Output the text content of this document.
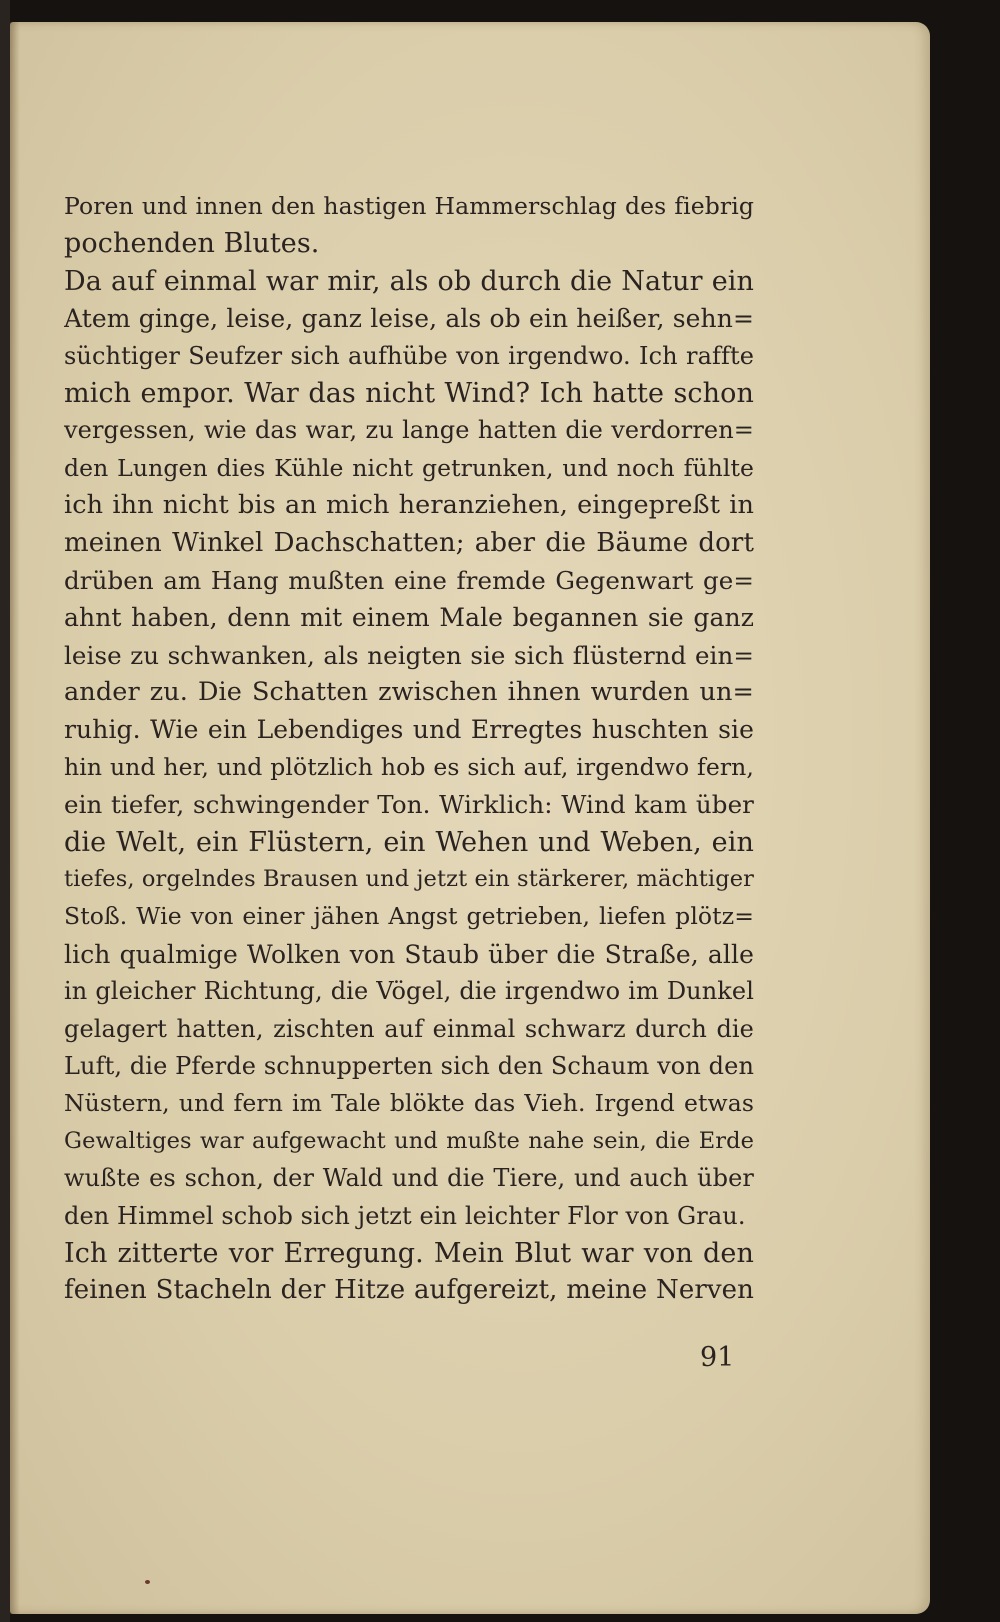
Poren und innen den hastigen Hammerschlag des fiebrig
pochenden Blutes.
Da auf einmal war mir, als ob durch die Natur ein
Atem ginge, leise, ganz leise, als ob ein heißer, sehn=
süchtiger Seufzer sich aufhübe von irgendwo. Ich raffte
mich empor. War das nicht Wind? Ich hatte schon
vergessen, wie das war, zu lange hatten die verdorren=
den Lungen dies Kühle nicht getrunken, und noch fühlte
ich ihn nicht bis an mich heranziehen, eingepreßt in
meinen Winkel Dachschatten; aber die Bäume dort
drüben am Hang mußten eine fremde Gegenwart ge=
ahnt haben, denn mit einem Male begannen sie ganz
leise zu schwanken, als neigten sie sich flüsternd ein=
ander zu. Die Schatten zwischen ihnen wurden un=
ruhig. Wie ein Lebendiges und Erregtes huschten sie
hin und her, und plötzlich hob es sich auf, irgendwo fern,
ein tiefer, schwingender Ton. Wirklich: Wind kam über
die Welt, ein Flüstern, ein Wehen und Weben, ein
tiefes, orgelndes Brausen und jetzt ein stärkerer, mächtiger
Stoß. Wie von einer jähen Angst getrieben, liefen plötz=
lich qualmige Wolken von Staub über die Straße, alle
in gleicher Richtung, die Vögel, die irgendwo im Dunkel
gelagert hatten, zischten auf einmal schwarz durch die
Luft, die Pferde schnupperten sich den Schaum von den
Nüstern, und fern im Tale blökte das Vieh. Irgend etwas
Gewaltiges war aufgewacht und mußte nahe sein, die Erde
wußte es schon, der Wald und die Tiere, und auch über
den Himmel schob sich jetzt ein leichter Flor von Grau.
Ich zitterte vor Erregung. Mein Blut war von den
feinen Stacheln der Hitze aufgereizt, meine Nerven
91
